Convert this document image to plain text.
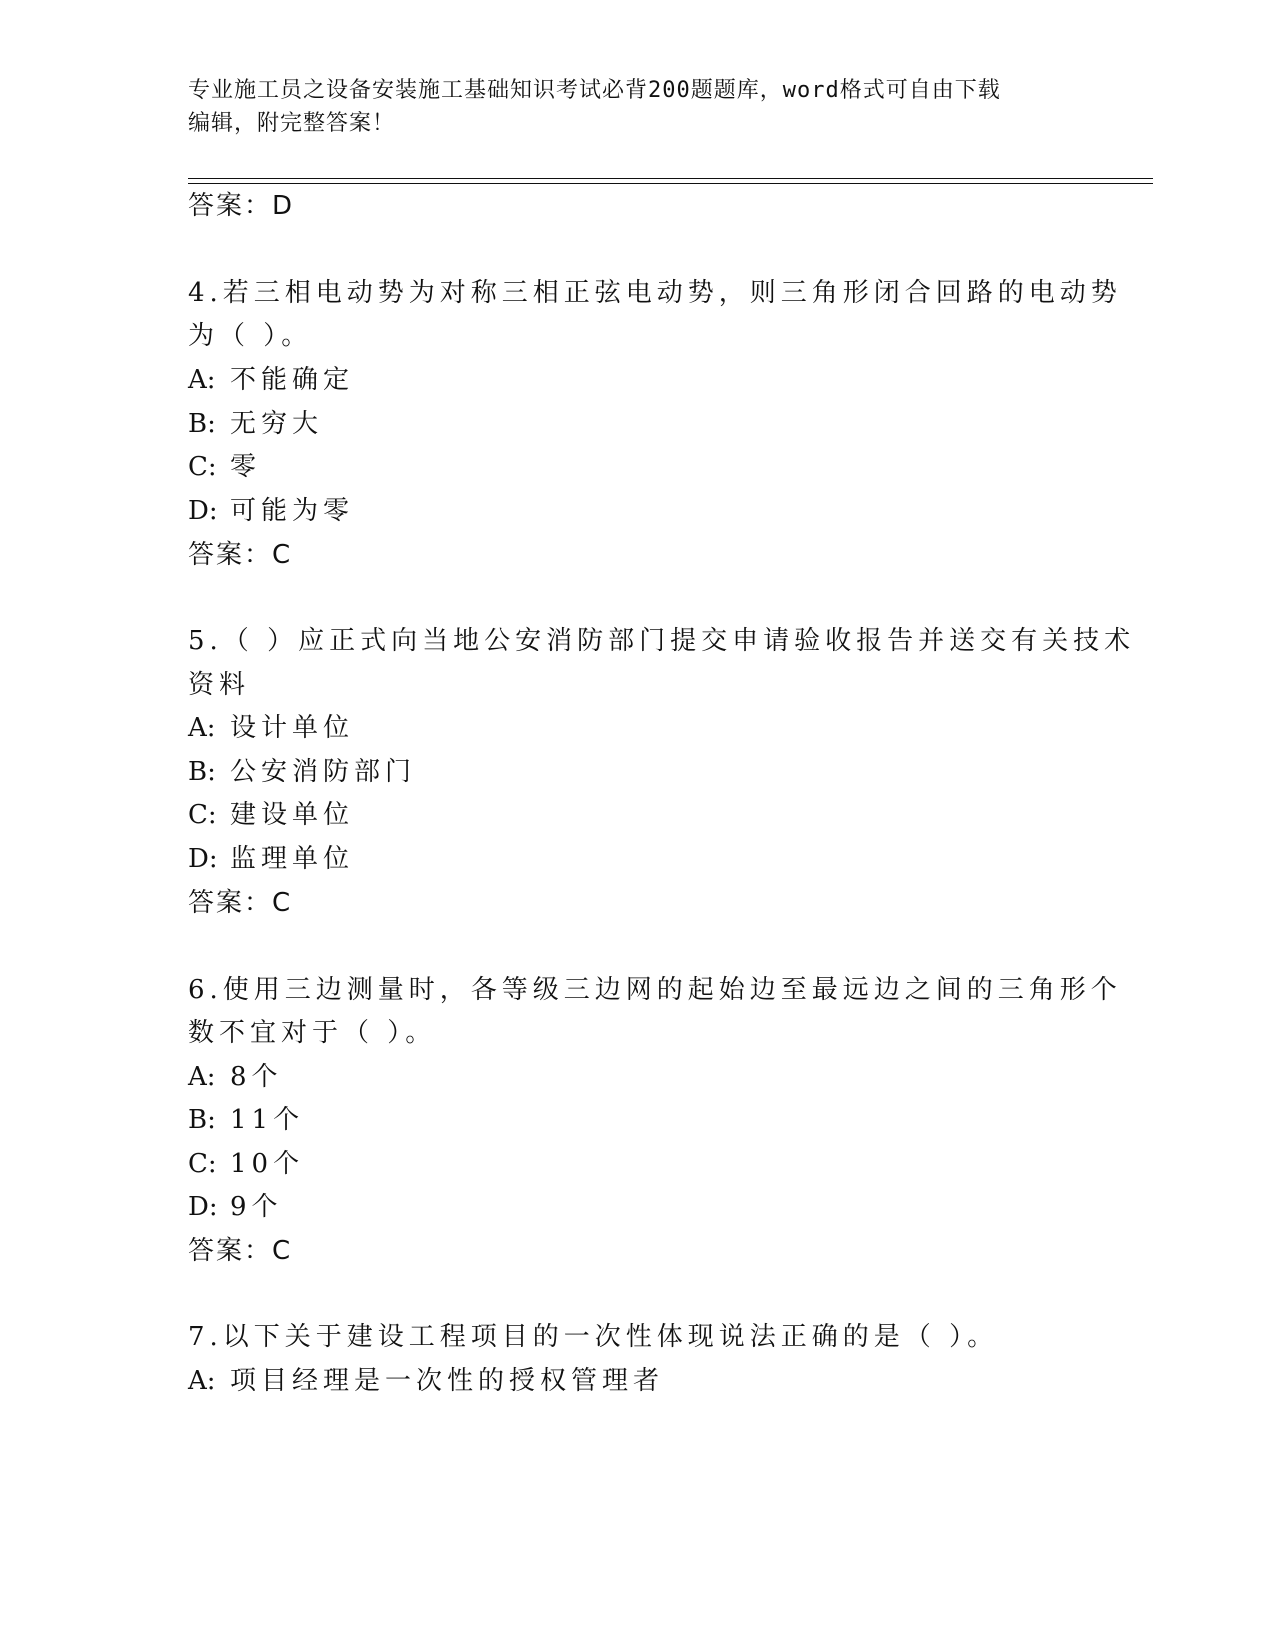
专业施工员之设备安装施工基础知识考试必背200题题库，word格式可自由下载
编辑，附完整答案！
答案：D
4.若三相电动势为对称三相正弦电动势，则三角形闭合回路的电动势
为（ ）。
A: 不能确定
B: 无穷大
C: 零
D: 可能为零
答案：C
5.（ ）应正式向当地公安消防部门提交申请验收报告并送交有关技术
资料
A: 设计单位
B: 公安消防部门
C: 建设单位
D: 监理单位
答案：C
6.使用三边测量时，各等级三边网的起始边至最远边之间的三角形个
数不宜对于（ ）。
A: 8个
B: 11个
C: 10个
D: 9个
答案：C
7.以下关于建设工程项目的一次性体现说法正确的是（ ）。
A: 项目经理是一次性的授权管理者
